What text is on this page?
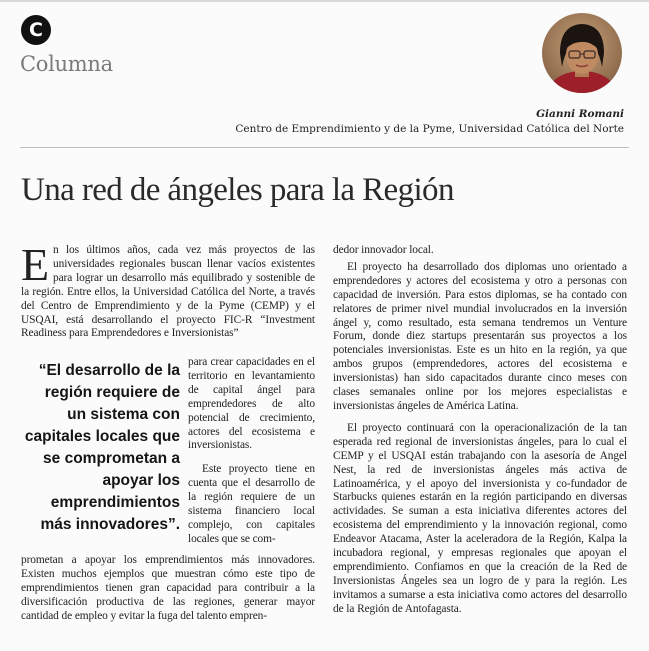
C
Columna
Gianni Romani
Centro de Emprendimiento y de la Pyme, Universidad Católica del Norte
Una red de ángeles para la Región

En los últimos años, cada vez más proyectos de las universidades regionales buscan llenar vacíos existentes para lograr un desarrollo más equilibrado y sostenible de la región. Entre ellos, la Universidad Católica del Norte, a través del Centro de Emprendimiento y de la Pyme (CEMP) y el USQAI, está desarrollando el proyecto FIC-R “Investment Readiness para Emprendedores e Inversionistas”

“El desarrollo de la región requiere de un sistema con capitales locales que se comprometan a apoyar los emprendimientos más innovadores”.

para crear capacidades en el territorio en levantamiento de capital ángel para emprendedores de alto potencial de crecimiento, actores del ecosistema e inversionistas.

Este proyecto tiene en cuenta que el desarrollo de la región requiere de un sistema financiero local complejo, con capitales locales que se com-

prometan a apoyar los emprendimientos más innovadores. Existen muchos ejemplos que muestran cómo este tipo de emprendimientos tienen gran capacidad para contribuir a la diversificación productiva de las regiones, generar mayor cantidad de empleo y evitar la fuga del talento empren-

dedor innovador local.

El proyecto ha desarrollado dos diplomas uno orientado a emprendedores y actores del ecosistema y otro a personas con capacidad de inversión. Para estos diplomas, se ha contado con relatores de primer nivel mundial involucrados en la inversión ángel y, como resultado, esta semana tendremos un Venture Forum, donde diez startups presentarán sus proyectos a los potenciales inversionistas. Este es un hito en la región, ya que ambos grupos (emprendedores, actores del ecosistema e inversionistas) han sido capacitados durante cinco meses con clases semanales online por los mejores especialistas e inversionistas ángeles de América Latina.

El proyecto continuará con la operacionalización de la tan esperada red regional de inversionistas ángeles, para lo cual el CEMP y el USQAI están trabajando con la asesoría de Angel Nest, la red de inversionistas ángeles más activa de Latinoamérica, y el apoyo del inversionista y co-fundador de Starbucks quienes estarán en la región participando en diversas actividades. Se suman a esta iniciativa diferentes actores del ecosistema del emprendimiento y la innovación regional, como Endeavor Atacama, Aster la aceleradora de la Región, Kalpa la incubadora regional, y empresas regionales que apoyan el emprendimiento. Confiamos en que la creación de la Red de Inversionistas Ángeles sea un logro de y para la región. Les invitamos a sumarse a esta iniciativa como actores del desarrollo de la Región de Antofagasta.
